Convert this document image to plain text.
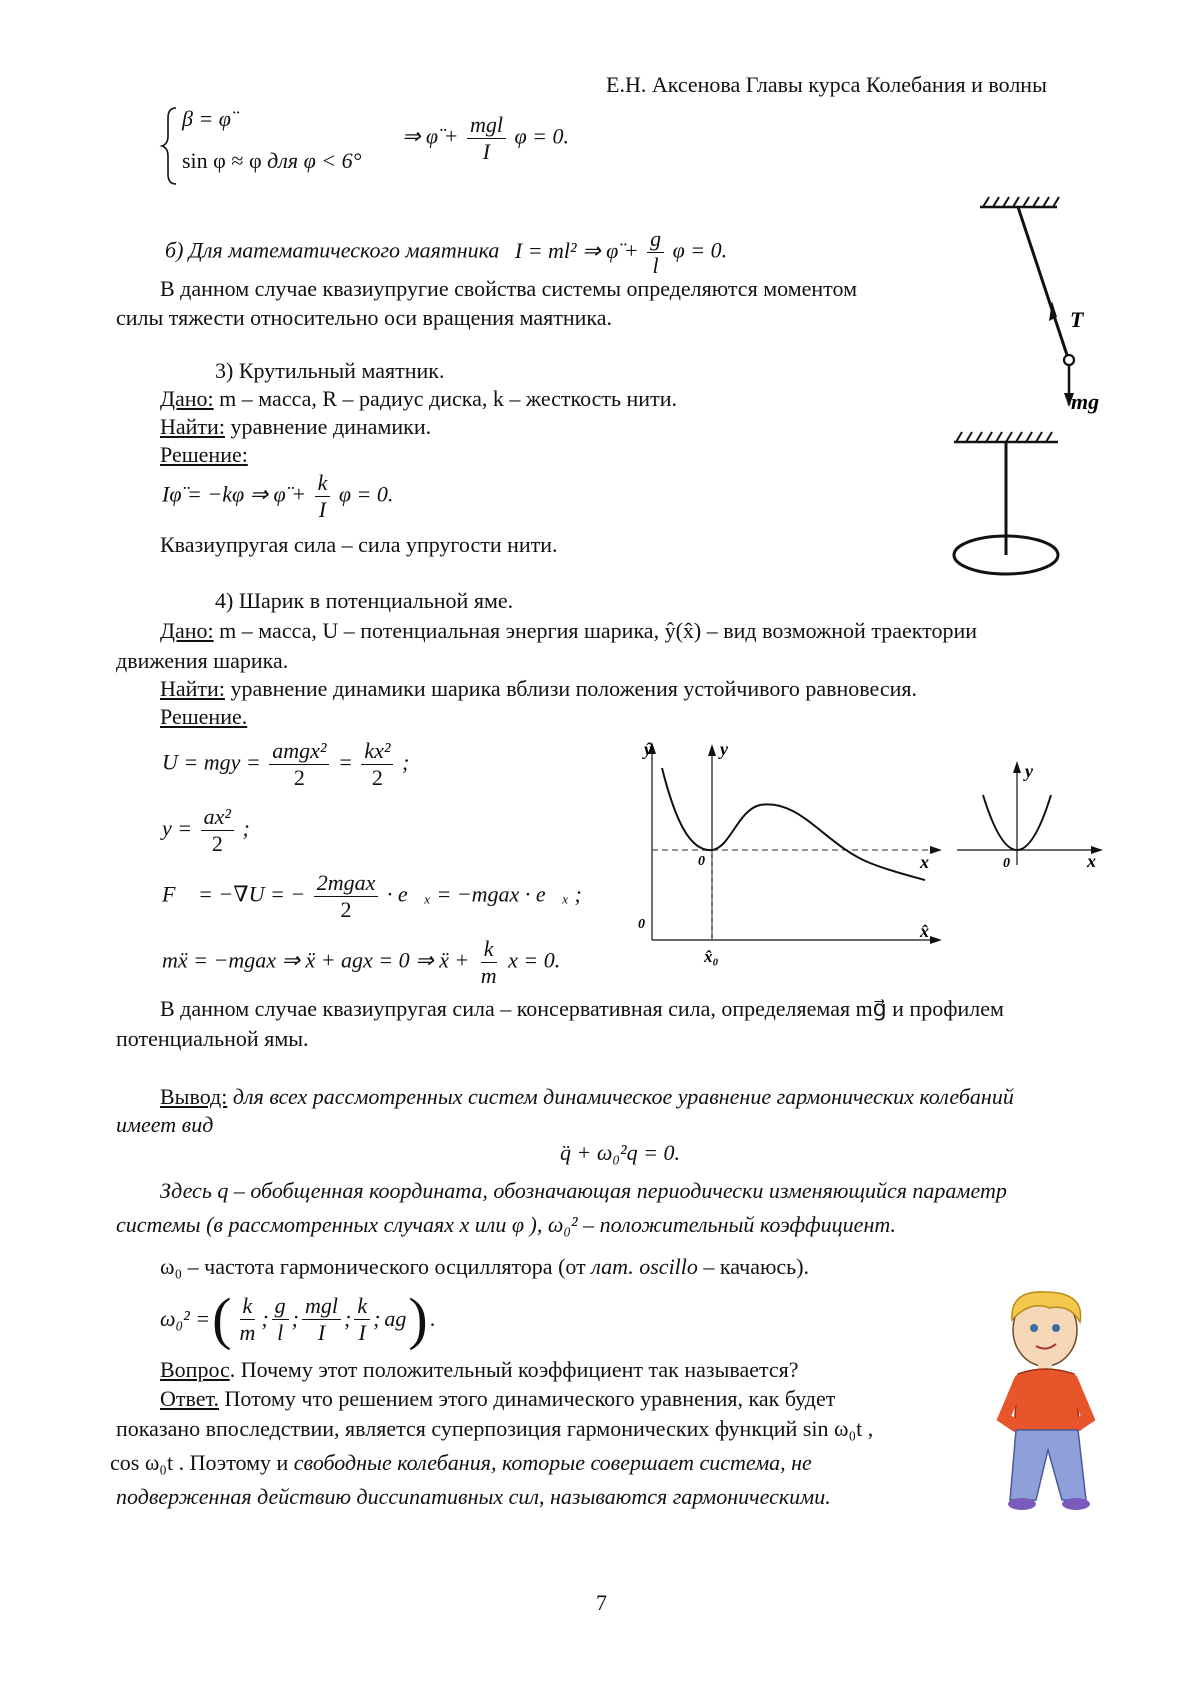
Е.Н. Аксенова Главы курса Колебания и волны
β = φ̈
sin φ ≈ φ для φ < 6°
⇒ φ̈ + $\frac{\text{mgl}}{I}$ φ = 0.
б) Для математического маятника I = ml² ⇒ φ̈ + $\frac{g}{l}$ φ = 0.
В данном случае квазиупругие свойства системы определяются моментом
силы тяжести относительно оси вращения маятника.	T⃗
mg⃗
3) Крутильный маятник.
Дано: m – масса, R – радиус диска, k – жесткость нити.
Найти: уравнение динамики.
Решение:
Iφ̈ = −kφ ⇒ φ̈ + $\frac{k}{I}$ φ = 0.
Квазиупругая сила – сила упругости нити.
4) Шарик в потенциальной яме.
Дано: m – масса, U – потенциальная энергия шарика, ŷ(x̂) – вид возможной траектории
движения шарика.
Найти: уравнение динамики шарика вблизи положения устойчивого равновесия.
Решение.
U = mgy = $\frac{\text{amgx²}}{2} = \frac{\text{kx²}}{2}$ ;
$y = \frac{\text{ax²}}{2}$ ;
F⃗ = −∇U = − $\frac{\text{2mgax}}{2}$ · e⃗ₓ = −mgax · e⃗ₓ ;
mẍ = −mgax ⇒ ẍ + agx = 0 ⇒ ẍ + $\frac{k}{m}$ x = 0.
ŷ	y
x
x̂
0
0
x̂₀
y
0	x
В данном случае квазиупругая сила – консервативная сила, определяемая mg⃗ и профилем
потенциальной ямы.
Вывод: для всех рассмотренных систем динамическое уравнение гармонических колебаний
имеет вид
q̈ + ω₀²q = 0.
Здесь q – обобщенная координата, обозначающая периодически изменяющийся параметр
системы (в рассмотренных случаях x или φ ), ω₀² – положительный коэффициент.
ω₀ – частота гармонического осциллятора (от лат. oscillo – качаюсь).
ω₀² = ( $\frac{k}{m}$ ; $\frac{g}{l}$ ; $\frac{\text{mgl}}{I}$ ; $\frac{k}{I}$ ; ag ) .
Вопрос. Почему этот положительный коэффициент так называется?
Ответ. Потому что решением этого динамического уравнения, как будет
показано впоследствии, является суперпозиция гармонических функций sin ω₀t ,
cos ω₀t . Поэтому и свободные колебания, которые совершает система, не
подверженная действию диссипативных сил, называются гармоническими.
7
